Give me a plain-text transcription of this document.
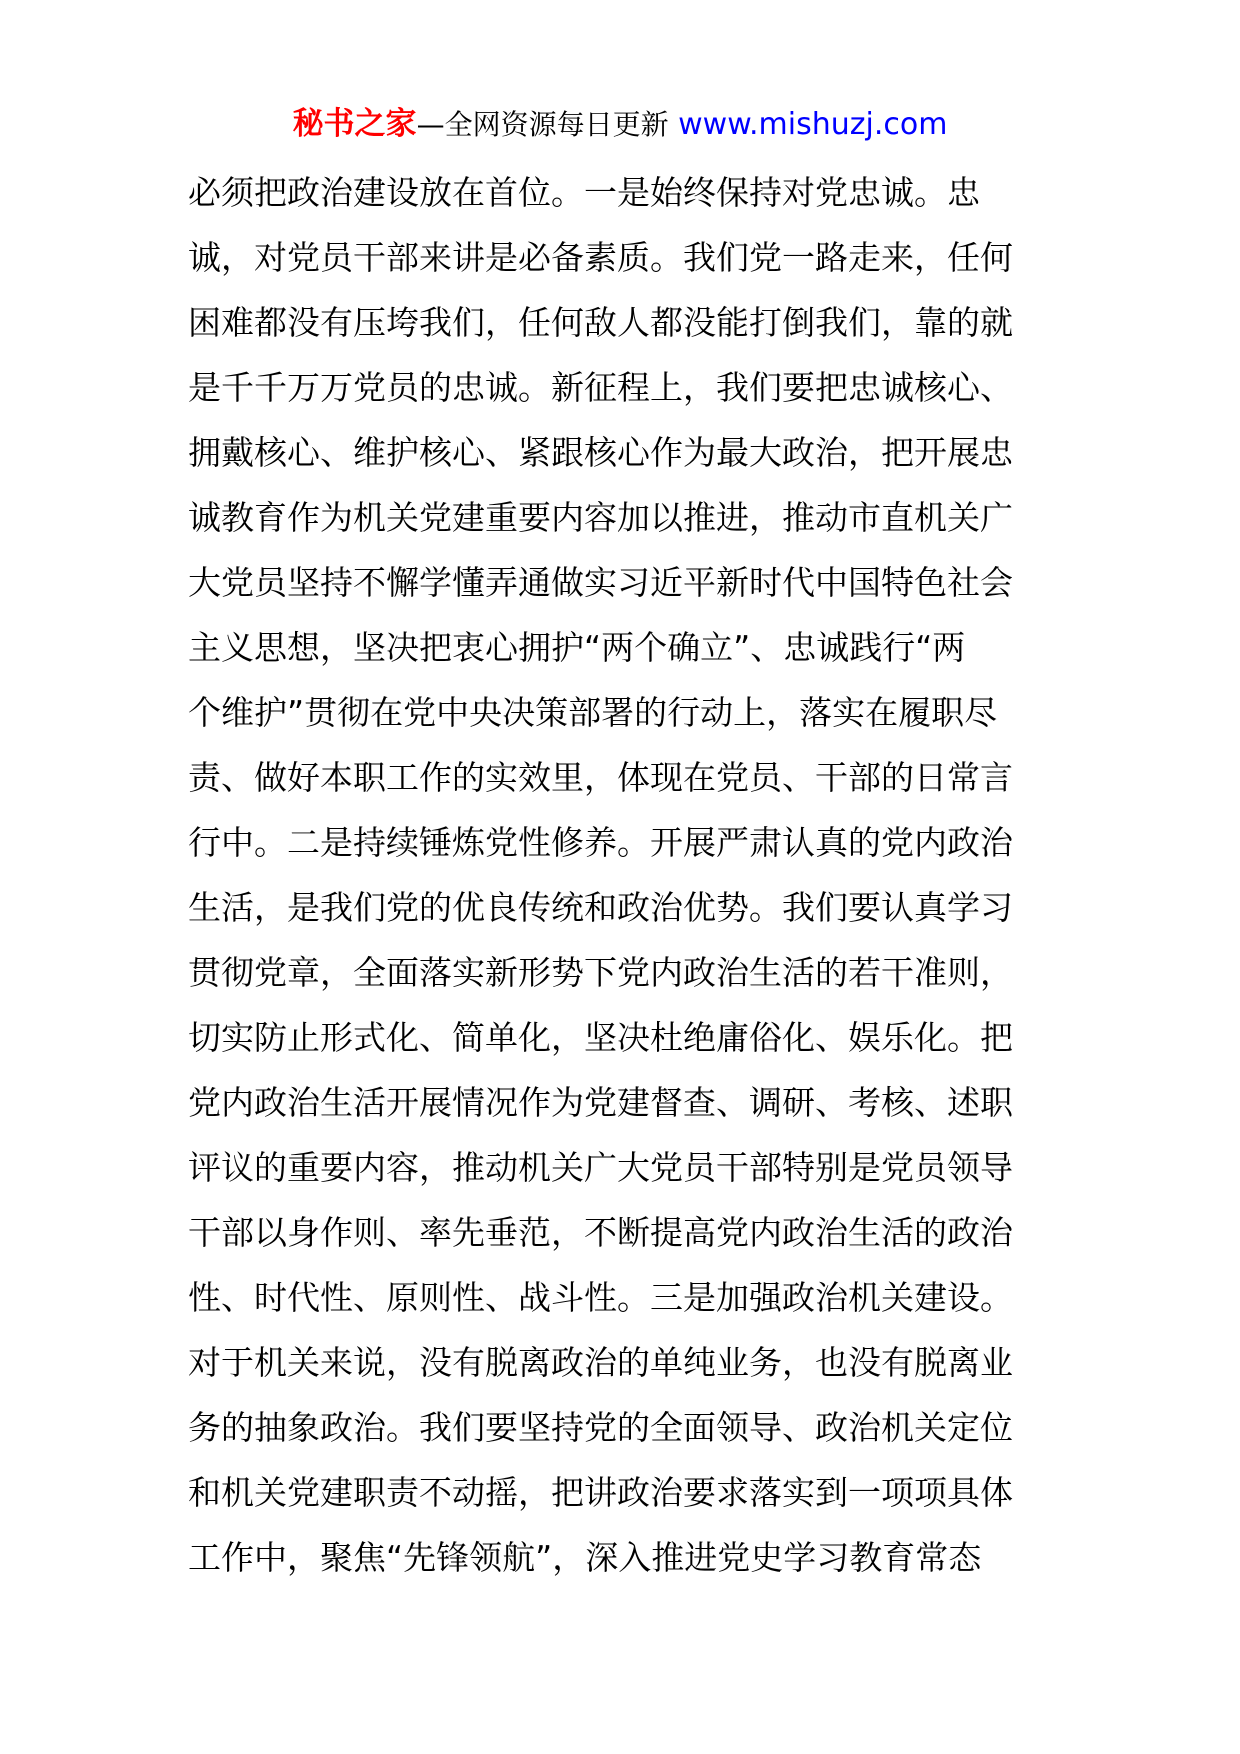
秘书之家—全网资源每日更新 www.mishuzj.com
必须把政治建设放在首位。一是始终保持对党忠诚。忠
诚，对党员干部来讲是必备素质。我们党一路走来，任何
困难都没有压垮我们，任何敌人都没能打倒我们，靠的就
是千千万万党员的忠诚。新征程上，我们要把忠诚核心、
拥戴核心、维护核心、紧跟核心作为最大政治，把开展忠
诚教育作为机关党建重要内容加以推进，推动市直机关广
大党员坚持不懈学懂弄通做实习近平新时代中国特色社会
主义思想，坚决把衷心拥护“两个确立”、忠诚践行“两
个维护”贯彻在党中央决策部署的行动上，落实在履职尽
责、做好本职工作的实效里，体现在党员、干部的日常言
行中。二是持续锤炼党性修养。开展严肃认真的党内政治
生活，是我们党的优良传统和政治优势。我们要认真学习
贯彻党章，全面落实新形势下党内政治生活的若干准则，
切实防止形式化、简单化，坚决杜绝庸俗化、娱乐化。把
党内政治生活开展情况作为党建督查、调研、考核、述职
评议的重要内容，推动机关广大党员干部特别是党员领导
干部以身作则、率先垂范，不断提高党内政治生活的政治
性、时代性、原则性、战斗性。三是加强政治机关建设。
对于机关来说，没有脱离政治的单纯业务，也没有脱离业
务的抽象政治。我们要坚持党的全面领导、政治机关定位
和机关党建职责不动摇，把讲政治要求落实到一项项具体
工作中，聚焦“先锋领航”，深入推进党史学习教育常态
